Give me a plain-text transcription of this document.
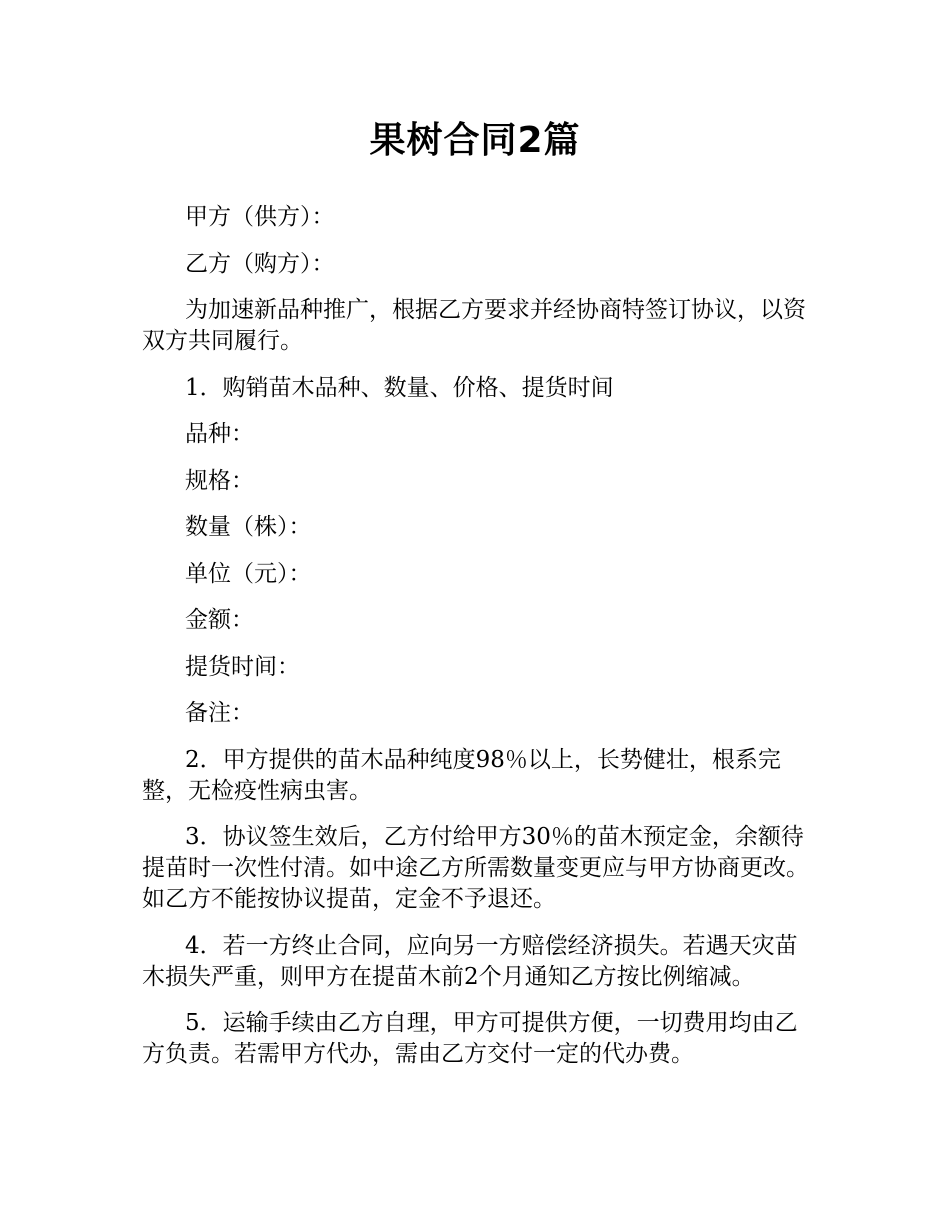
果树合同2篇

甲方（供方）：

乙方（购方）：

为加速新品种推广，根据乙方要求并经协商特签订协议，以资双方共同履行。

1．购销苗木品种、数量、价格、提货时间

品种：

规格：

数量（株）：

单位（元）：

金额：

提货时间：

备注：

2．甲方提供的苗木品种纯度98％以上，长势健壮，根系完整，无检疫性病虫害。

3．协议签生效后，乙方付给甲方30％的苗木预定金，余额待提苗时一次性付清。如中途乙方所需数量变更应与甲方协商更改。如乙方不能按协议提苗，定金不予退还。

4．若一方终止合同，应向另一方赔偿经济损失。若遇天灾苗木损失严重，则甲方在提苗木前2个月通知乙方按比例缩减。

5．运输手续由乙方自理，甲方可提供方便，一切费用均由乙方负责。若需甲方代办，需由乙方交付一定的代办费。
